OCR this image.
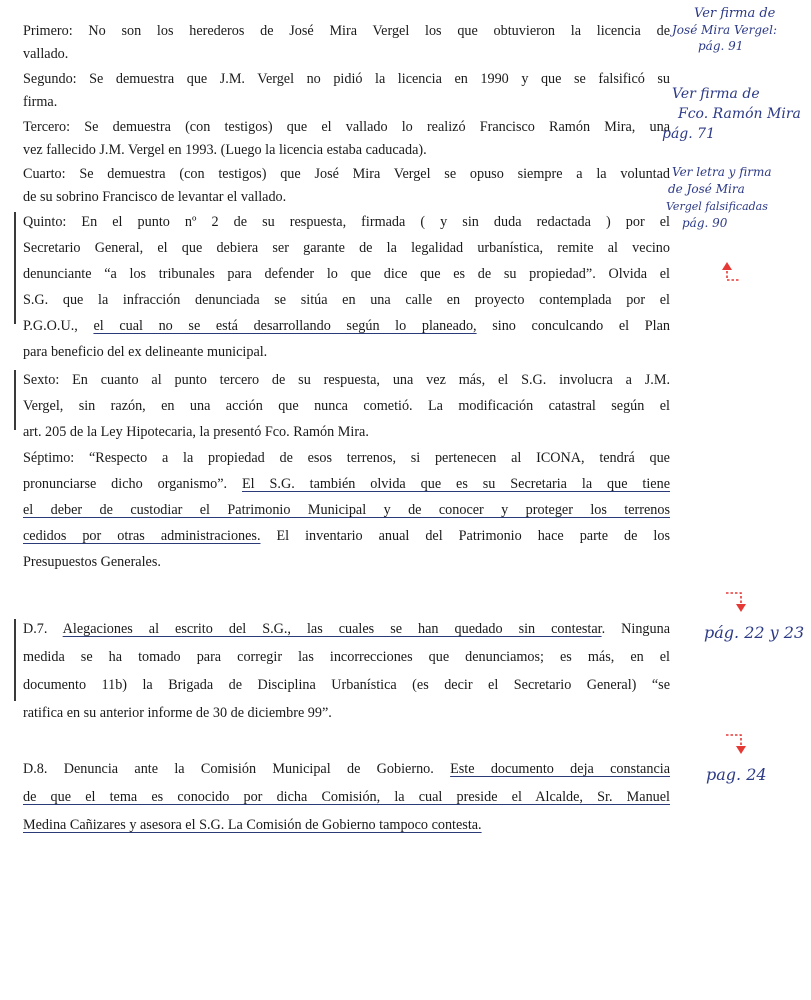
Primero: No son los herederos de José Mira Vergel los que obtuvieron la licencia de

vallado.

Segundo: Se demuestra que J.M. Vergel no pidió la licencia en 1990 y que se falsificó su

firma.

Tercero: Se demuestra (con testigos) que el vallado lo realizó Francisco Ramón Mira, una

vez fallecido J.M. Vergel en 1993. (Luego la licencia estaba caducada).

Cuarto: Se demuestra (con testigos) que José Mira Vergel se opuso siempre a la voluntad

de su sobrino Francisco de levantar el vallado.

Quinto: En el punto nº 2 de su respuesta, firmada ( y sin duda redactada ) por el

Secretario General, el que debiera ser garante de la legalidad urbanística, remite al vecino

denunciante “a los tribunales para defender lo que dice que es de su propiedad”. Olvida el

S.G. que la infracción denunciada se sitúa en una calle en proyecto contemplada por el

P.G.O.U., el cual no se está desarrollando según lo planeado, sino conculcando el Plan

para beneficio del ex delineante municipal.

Sexto: En cuanto al punto tercero de su respuesta, una vez más, el S.G. involucra a J.M.

Vergel, sin razón, en una acción que nunca cometió. La modificación catastral según el

art. 205 de la Ley Hipotecaria, la presentó Fco. Ramón Mira.

Séptimo: “Respecto a la propiedad de esos terrenos, si pertenecen al ICONA, tendrá que

pronunciarse dicho organismo”. El S.G. también olvida que es su Secretaria la que tiene

el deber de custodiar el Patrimonio Municipal y de conocer y proteger los terrenos

cedidos por otras administraciones. El inventario anual del Patrimonio hace parte de los

Presupuestos Generales.

D.7. Alegaciones al escrito del S.G., las cuales se han quedado sin contestar. Ninguna

medida se ha tomado para corregir las incorrecciones que denunciamos; es más, en el

documento 11b) la Brigada de Disciplina Urbanística (es decir el Secretario General) “se

ratifica en su anterior informe de 30 de diciembre 99”.

D.8. Denuncia ante la Comisión Municipal de Gobierno. Este documento deja constancia

de que el tema es conocido por dicha Comisión, la cual preside el Alcalde, Sr. Manuel

Medina Cañizares y asesora el S.G. La Comisión de Gobierno tampoco contesta.

Ver firma de
José Mira Vergel:
pág. 91
Ver firma de
Fco. Ramón Mira
pág. 71
Ver letra y firma
de José Mira
Vergel falsificadas
pág. 90
pág. 22 y 23
pag. 24
